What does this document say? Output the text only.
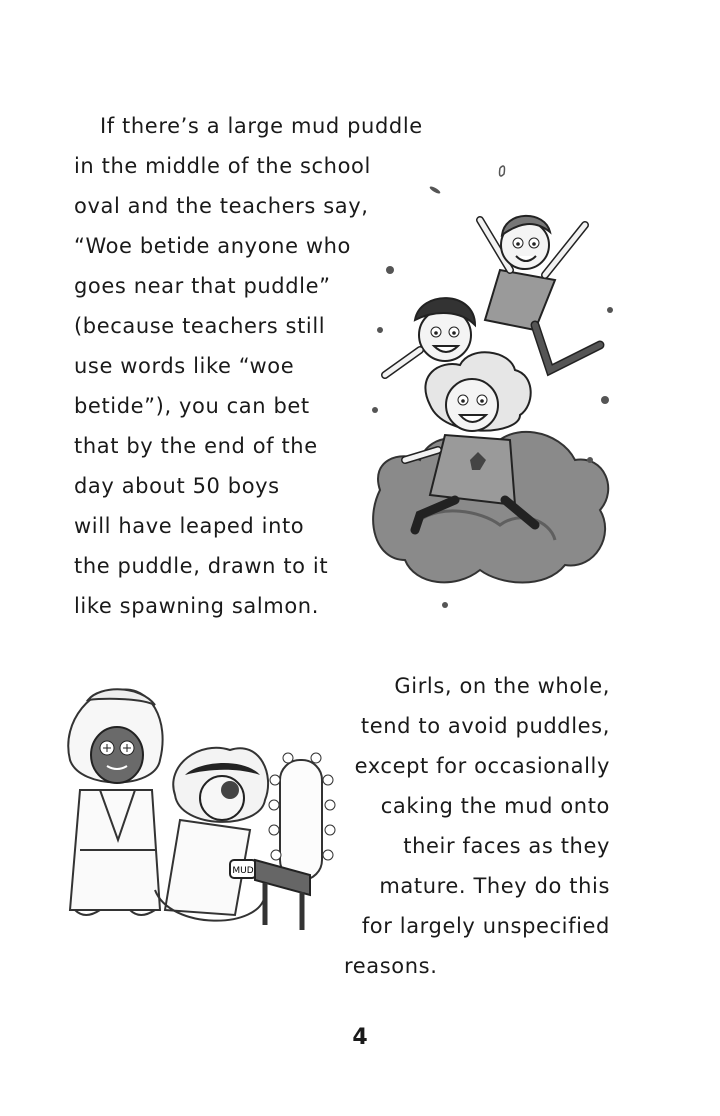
If there’s a large mud puddle
in the middle of the school
oval and the teachers say,
“Woe betide anyone who
goes near that puddle”
(because teachers still
use words like “woe
betide”), you can bet
that by the end of the
day about 50 boys
will have leaped into
the puddle, drawn to it
like spawning salmon.
Girls, on the whole,
tend to avoid puddles,
except for occasionally
caking the mud onto
their faces as they
mature. They do this
for largely unspecified
reasons.
MUD
4
